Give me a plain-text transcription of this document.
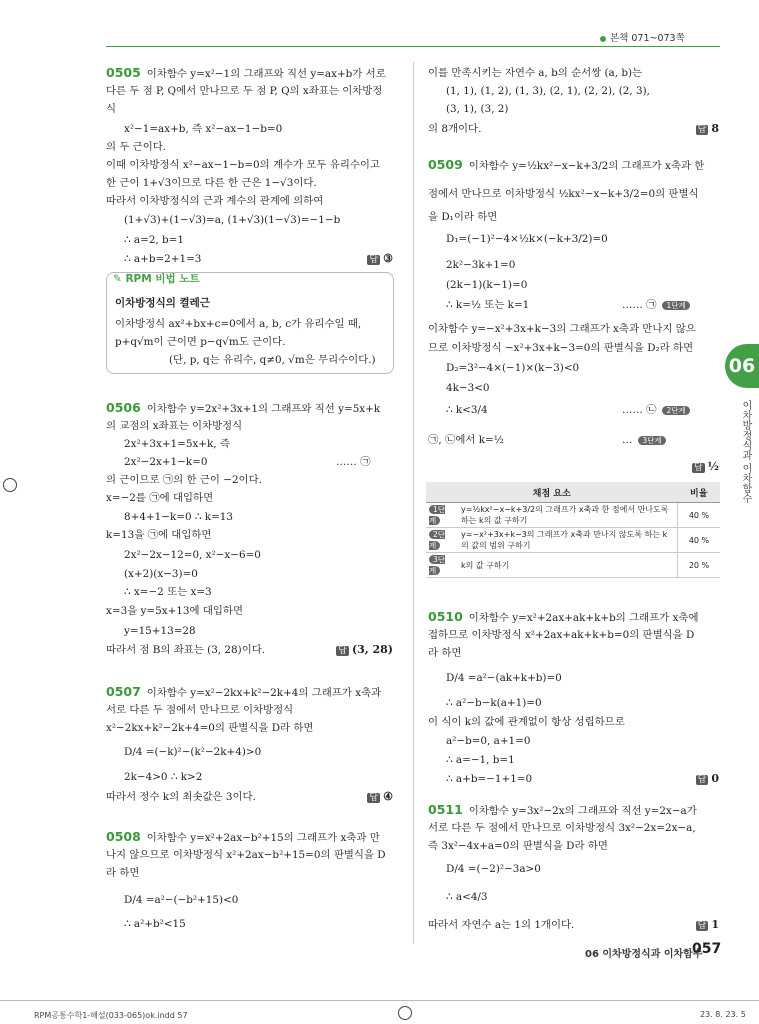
본책 071~073쪽
0505 이차함수 y=x²−1의 그래프와 직선 y=ax+b가 서로
다른 두 점 P, Q에서 만나므로 두 점 P, Q의 x좌표는 이차방정
식
x²−1=ax+b, 즉 x²−ax−1−b=0
의 두 근이다.
이때 이차방정식 x²−ax−1−b=0의 계수가 모두 유리수이고
한 근이 1+√3이므로 다른 한 근은 1−√3이다.
따라서 이차방정식의 근과 계수의 관계에 의하여
(1+√3)+(1−√3)=a, (1+√3)(1−√3)=−1−b
∴ a=2, b=1
∴ a+b=2+1=3
0506 이차함수 y=2x²+3x+1의 그래프와 직선 y=5x+k
의 교점의 x좌표는 이차방정식
2x²+3x+1=5x+k, 즉
2x²−2x+1−k=0
의 근이므로 ㉠의 한 근이 −2이다.
x=−2를 ㉠에 대입하면
8+4+1−k=0 ∴ k=13
k=13을 ㉠에 대입하면
2x²−2x−12=0, x²−x−6=0
(x+2)(x−3)=0
∴ x=−2 또는 x=3
x=3을 y=5x+13에 대입하면
y=15+13=28
따라서 점 B의 좌표는 (3, 28)이다.
0507 이차함수 y=x²−2kx+k²−2k+4의 그래프가 x축과
서로 다른 두 점에서 만나므로 이차방정식
x²−2kx+k²−2k+4=0의 판별식을 D라 하면
D/4 =(−k)²−(k²−2k+4)>0
2k−4>0 ∴ k>2
따라서 정수 k의 최솟값은 3이다.
0508 이차함수 y=x²+2ax−b²+15의 그래프가 x축과 만
나지 않으므로 이차방정식 x²+2ax−b²+15=0의 판별식을 D
라 하면
D/4 =a²−(−b²+15)<0
∴ a²+b²<15
답 ③
답 (3, 28)
답 ④
이를 만족시키는 자연수 a, b의 순서쌍 (a, b)는
(1, 1), (1, 2), (1, 3), (2, 1), (2, 2), (2, 3),
(3, 1), (3, 2)
의 8개이다.
0509 이차함수 y=½kx²−x−k+3/2의 그래프가 x축과 한
점에서 만나므로 이차방정식 ½kx²−x−k+3/2=0의 판별식
을 D₁이라 하면
D₁=(−1)²−4×½k×(−k+3/2)=0
2k²−3k+1=0
(2k−1)(k−1)=0
∴ k=½ 또는 k=1
이차함수 y=−x²+3x+k−3의 그래프가 x축과 만나지 않으
므로 이차방정식 −x²+3x+k−3=0의 판별식을 D₂라 하면
D₂=3²−4×(−1)×(k−3)<0
4k−3<0
∴ k<3/4
㉠, ㉡에서 k=½
0510 이차함수 y=x²+2ax+ak+k+b의 그래프가 x축에
접하므로 이차방정식 x²+2ax+ak+k+b=0의 판별식을 D
라 하면
D/4 =a²−(ak+k+b)=0
∴ a²−b−k(a+1)=0
이 식이 k의 값에 관계없이 항상 성립하므로
a²−b=0, a+1=0
∴ a=−1, b=1
∴ a+b=−1+1=0
0511 이차함수 y=3x²−2x의 그래프와 직선 y=2x−a가
서로 다른 두 점에서 만나므로 이차방정식 3x²−2x=2x−a,
즉 3x²−4x+a=0의 판별식을 D라 하면
D/4 =(−2)²−3a>0
∴ a<4/3
따라서 자연수 a는 1의 1개이다.
답 8
답 ½
답 0
답 1
…… ㉠ 1단계
…… ㉡ 2단계
… 3단계
✎ RPM 비법 노트
이차방정식의 켤레근
이차방정식 ax²+bx+c=0에서 a, b, c가 유리수일 때,
p+q√m이 근이면 p−q√m도 근이다.
(단, p, q는 유리수, q≠0, √m은 무리수이다.)
…… ㉠
06
이차방정식과 이차함수
채점 요소		비율
1단계	y=½kx²−x−k+3/2의 그래프가 x축과 한 점에서 만나도록 하는 k의 값 구하기	40 %
2단계	y=−x²+3x+k−3의 그래프가 x축과 만나지 않도록 하는 k의 값의 범위 구하기	40 %
3단계	k의 값 구하기	20 %
06 이차방정식과 이차함수
057
RPM공통수학1-해설(033-065)ok.indd 57	23. 8. 23. 5
